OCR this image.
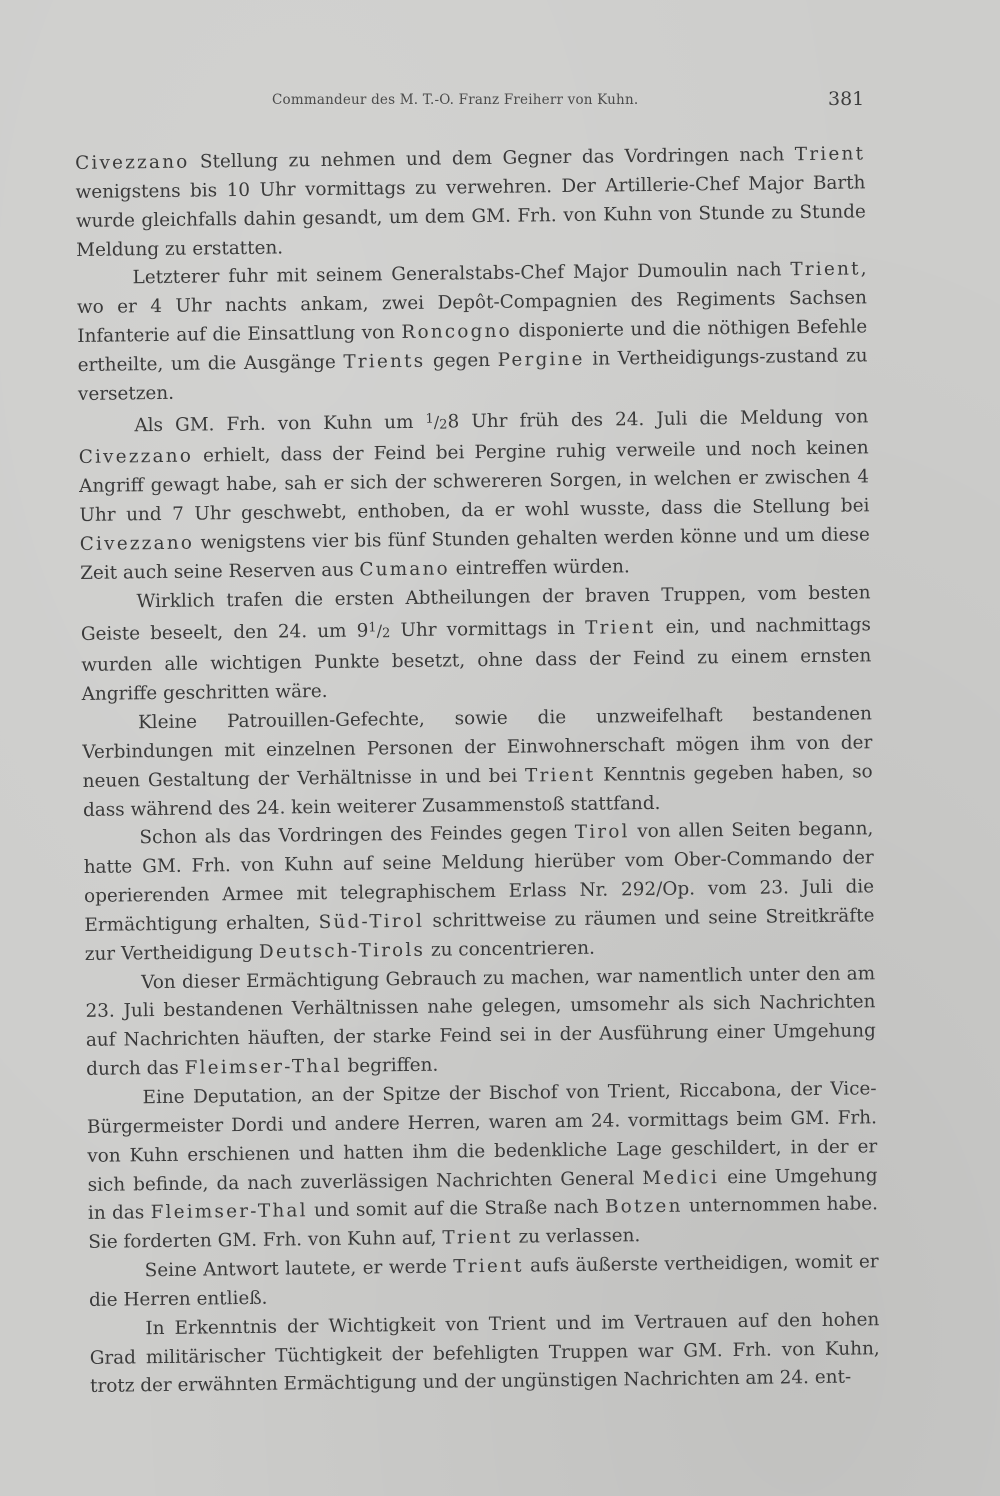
Commandeur des M. T.-O. Franz Freiherr von Kuhn.	381

Civezzano Stellung zu nehmen und dem Gegner das Vordringen nach Trient wenigstens bis 10 Uhr vormittags zu verwehren. Der Artillerie-Chef Major Barth wurde gleichfalls dahin gesandt, um dem GM. Frh. von Kuhn von Stunde zu Stunde Meldung zu erstatten.

Letzterer fuhr mit seinem Generalstabs-Chef Major Dumoulin nach Trient, wo er 4 Uhr nachts ankam, zwei Depôt-Compagnien des Regiments Sachsen Infanterie auf die Einsattlung von Roncogno disponierte und die nöthigen Befehle ertheilte, um die Ausgänge Trients gegen Pergine in Vertheidigungs-zustand zu versetzen.

Als GM. Frh. von Kuhn um $^1$/28 Uhr früh des 24. Juli die Meldung von Civezzano erhielt, dass der Feind bei Pergine ruhig verweile und noch keinen Angriff gewagt habe, sah er sich der schwereren Sorgen, in welchen er zwischen 4 Uhr und 7 Uhr geschwebt, enthoben, da er wohl wusste, dass die Stellung bei Civezzano wenigstens vier bis fünf Stunden gehalten werden könne und um diese Zeit auch seine Reserven aus Cumano eintreffen würden.

Wirklich trafen die ersten Abtheilungen der braven Truppen, vom besten Geiste beseelt, den 24. um $9^1/2$ Uhr vormittags in Trient ein, und nachmittags wurden alle wichtigen Punkte besetzt, ohne dass der Feind zu einem ernsten Angriffe geschritten wäre.

Kleine Patrouillen-Gefechte, sowie die unzweifelhaft bestandenen Verbindungen mit einzelnen Personen der Einwohnerschaft mögen ihm von der neuen Gestaltung der Verhältnisse in und bei Trient Kenntnis gegeben haben, so dass während des 24. kein weiterer Zusammenstoß stattfand.

Schon als das Vordringen des Feindes gegen Tirol von allen Seiten begann, hatte GM. Frh. von Kuhn auf seine Meldung hierüber vom Ober-Commando der operierenden Armee mit telegraphischem Erlass Nr. 292/Op. vom 23. Juli die Ermächtigung erhalten, Süd-Tirol schrittweise zu räumen und seine Streitkräfte zur Vertheidigung Deutsch-Tirols zu concentrieren.

Von dieser Ermächtigung Gebrauch zu machen, war namentlich unter den am 23. Juli bestandenen Verhältnissen nahe gelegen, umsomehr als sich Nachrichten auf Nachrichten häuften, der starke Feind sei in der Ausführung einer Umgehung durch das Fleimser-Thal begriffen.

Eine Deputation, an der Spitze der Bischof von Trient, Riccabona, der Vice-Bürgermeister Dordi und andere Herren, waren am 24. vormittags beim GM. Frh. von Kuhn erschienen und hatten ihm die bedenkliche Lage geschildert, in der er sich befinde, da nach zuverlässigen Nachrichten General Medici eine Umgehung in das Fleimser-Thal und somit auf die Straße nach Botzen unternommen habe. Sie forderten GM. Frh. von Kuhn auf, Trient zu verlassen.

Seine Antwort lautete, er werde Trient aufs äußerste vertheidigen, womit er die Herren entließ.

In Erkenntnis der Wichtigkeit von Trient und im Vertrauen auf den hohen Grad militärischer Tüchtigkeit der befehligten Truppen war GM. Frh. von Kuhn, trotz der erwähnten Ermächtigung und der ungünstigen Nachrichten am 24. ent-
